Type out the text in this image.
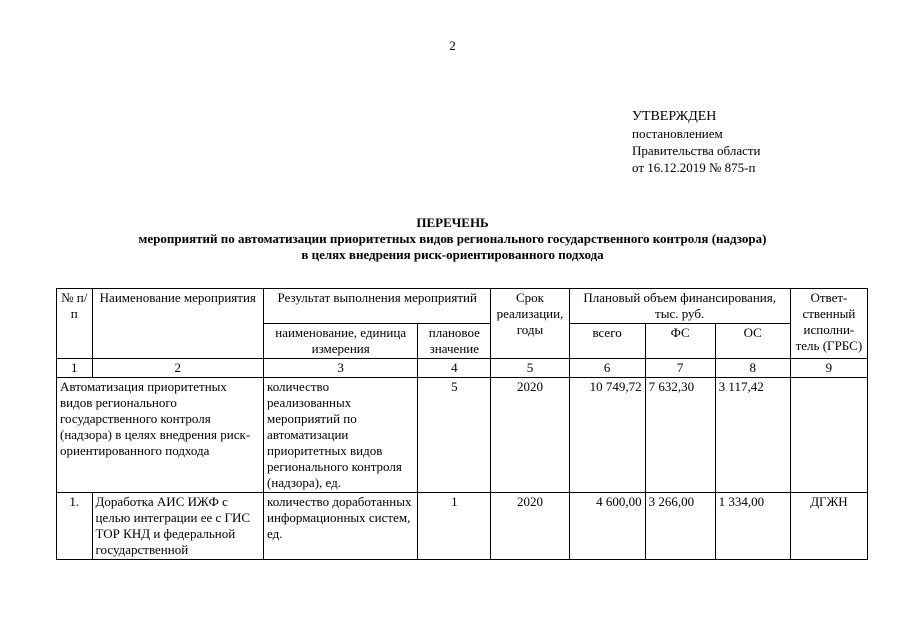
2
УТВЕРЖДЕН
постановлением
Правительства области
от 16.12.2019 № 875-п
ПЕРЕЧЕНЬ
мероприятий по автоматизации приоритетных видов регионального государственного контроля (надзора)
в целях внедрения риск-ориентированного подхода
№ п/п	Наименование мероприятия	Результат выполнения мероприятий		Срок реализации, годы	Плановый объем финансирования, тыс. руб.			Ответ-ственный исполни-тель (ГРБС)
		наименование, единица измерения	плановое значение		всего	ФС	ОС	
1	2	3	4	5	6	7	8	9
Автоматизация приоритетных видов регионального государственного контроля (надзора) в целях внедрения риск-ориентированного подхода		количество реализованных мероприятий по автоматизации приоритетных видов регионального контроля (надзора), ед.	5	2020	10 749,72	7 632,30	3 117,42	
1.	Доработка АИС ИЖФ с целью интеграции ее с ГИС ТОР КНД и федеральной государственной	количество доработанных информационных систем, ед.	1	2020	4 600,00	3 266,00	1 334,00	ДГЖН
